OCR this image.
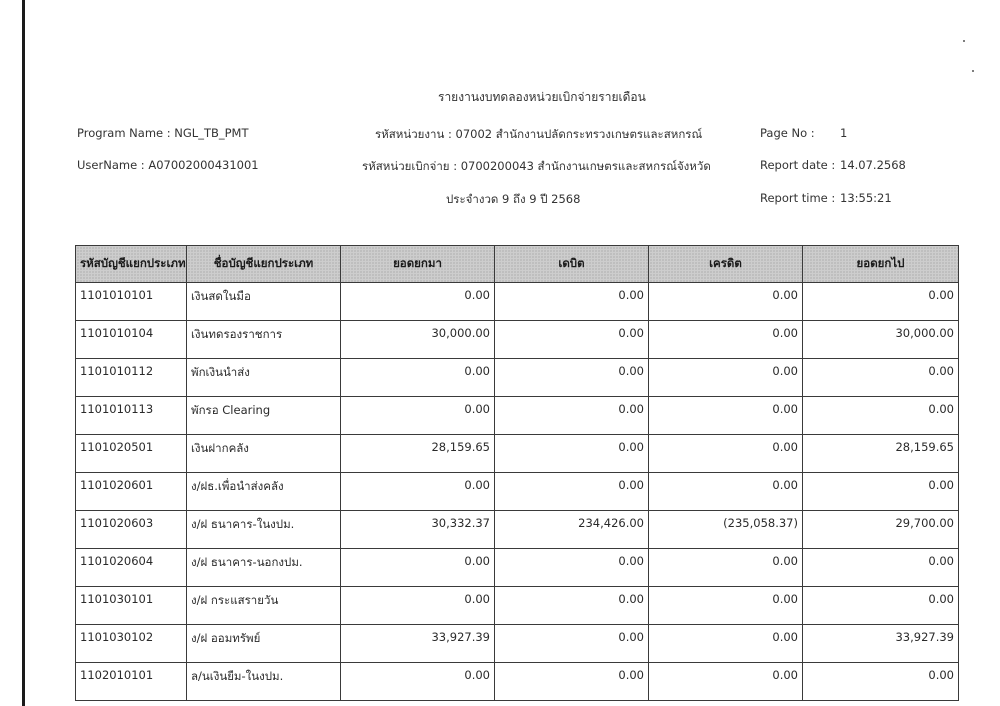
รายงานงบทดลองหน่วยเบิกจ่ายรายเดือน
Program Name : NGL_TB_PMT
UserName : A07002000431001
รหัสหน่วยงาน : 07002 สำนักงานปลัดกระทรวงเกษตรและสหกรณ์
รหัสหน่วยเบิกจ่าย : 0700200043 สำนักงานเกษตรและสหกรณ์จังหวัด
ประจำงวด 9 ถึง 9 ปี 2568
Page No : 1
Report date : 14.07.2568
Report time : 13:55:21
รหัสบัญชีแยกประเภท	ชื่อบัญชีแยกประเภท	ยอดยกมา	เดบิต	เครดิต	ยอดยกไป
1101010101	เงินสดในมือ	0.00	0.00	0.00	0.00
1101010104	เงินทดรองราชการ	30,000.00	0.00	0.00	30,000.00
1101010112	พักเงินนำส่ง	0.00	0.00	0.00	0.00
1101010113	พักรอ Clearing	0.00	0.00	0.00	0.00
1101020501	เงินฝากคลัง	28,159.65	0.00	0.00	28,159.65
1101020601	ง/ฝธ.เพื่อนำส่งคลัง	0.00	0.00	0.00	0.00
1101020603	ง/ฝ ธนาคาร-ในงปม.	30,332.37	234,426.00	(235,058.37)	29,700.00
1101020604	ง/ฝ ธนาคาร-นอกงปม.	0.00	0.00	0.00	0.00
1101030101	ง/ฝ กระแสรายวัน	0.00	0.00	0.00	0.00
1101030102	ง/ฝ ออมทรัพย์	33,927.39	0.00	0.00	33,927.39
1102010101	ล/นเงินยืม-ในงปม.	0.00	0.00	0.00	0.00
